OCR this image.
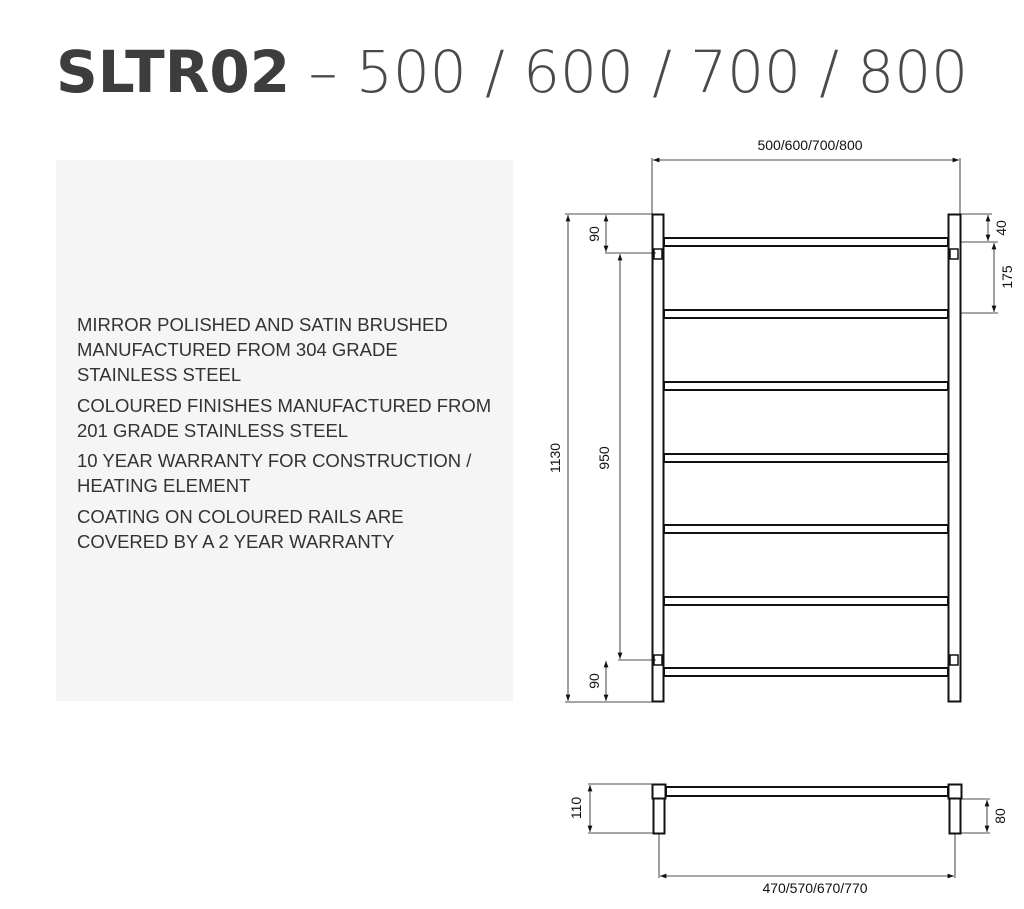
SLTR02 – 500 / 600 / 700 / 800
MIRROR POLISHED AND SATIN BRUSHED MANUFACTURED FROM 304 GRADE STAINLESS STEEL
COLOURED FINISHES MANUFACTURED FROM 201 GRADE STAINLESS STEEL
10 YEAR WARRANTY FOR CONSTRUCTION / HEATING ELEMENT
COATING ON COLOURED RAILS ARE COVERED BY A 2 YEAR WARRANTY
500/600/700/800
1130 950
90
90
40
175
110	80
470/570/670/770
